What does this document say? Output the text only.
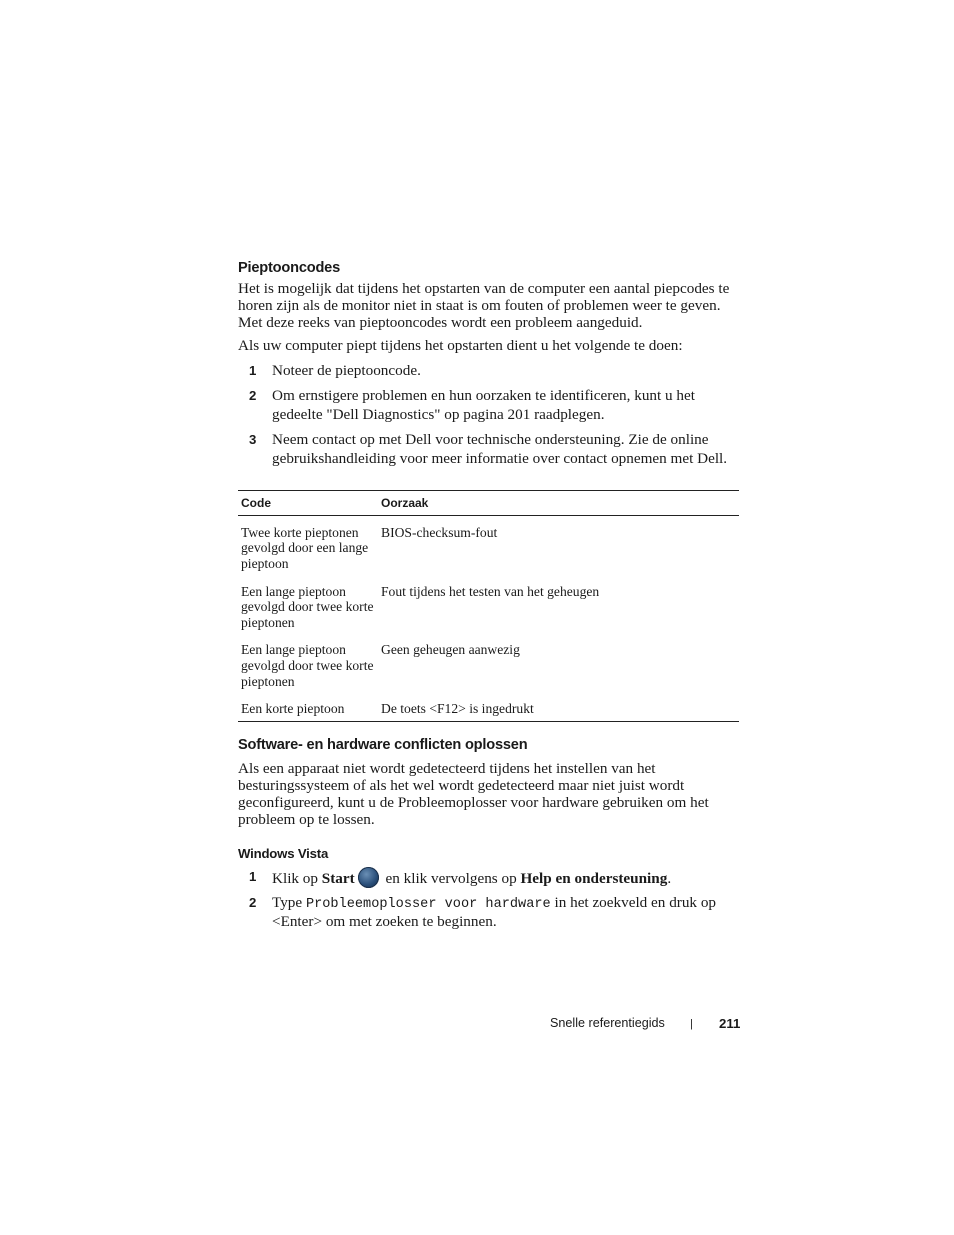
Pieptooncodes

Het is mogelijk dat tijdens het opstarten van de computer een aantal piepcodes te horen zijn als de monitor niet in staat is om fouten of problemen weer te geven. Met deze reeks van pieptooncodes wordt een probleem aangeduid.

Als uw computer piept tijdens het opstarten dient u het volgende te doen:

1 Noteer de pieptooncode.
2 Om ernstigere problemen en hun oorzaken te identificeren, kunt u het gedeelte "Dell Diagnostics" op pagina 201 raadplegen.
3 Neem contact op met Dell voor technische ondersteuning. Zie de online gebruikshandleiding voor meer informatie over contact opnemen met Dell.
Code	Oorzaak
Twee korte pieptonen gevolgd door een lange pieptoon	BIOS-checksum-fout
Een lange pieptoon gevolgd door twee korte pieptonen	Fout tijdens het testen van het geheugen
Een lange pieptoon gevolgd door twee korte pieptonen	Geen geheugen aanwezig
Een korte pieptoon	De toets <F12> is ingedrukt
Software- en hardware conflicten oplossen

Als een apparaat niet wordt gedetecteerd tijdens het instellen van het besturingssysteem of als het wel wordt gedetecteerd maar niet juist wordt geconfigureerd, kunt u de Probleemoplosser voor hardware gebruiken om het probleem op te lossen.

Windows Vista
1 Klik op Start en klik vervolgens op Help en ondersteuning.
2 Type Probleemoplosser voor hardware in het zoekveld en druk op <Enter> om met zoeken te beginnen.
Snelle referentiegids | 211
